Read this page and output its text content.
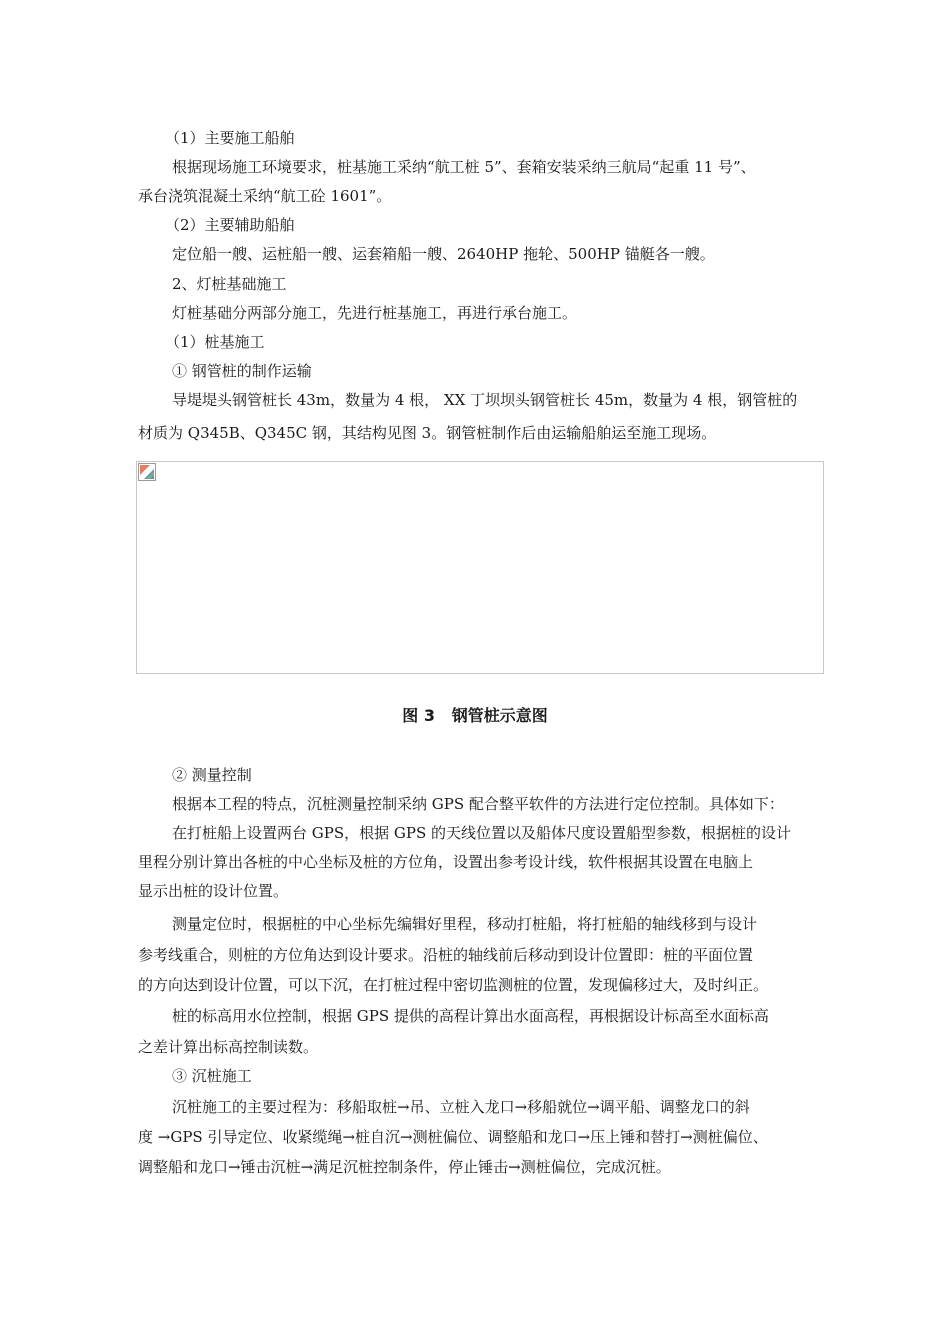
（1）主要施工船舶
根据现场施工环境要求，桩基施工采纳“航工桩 5”、套箱安装采纳三航局“起重 11 号”、
承台浇筑混凝土采纳“航工砼 1601”。
（2）主要辅助船舶
定位船一艘、运桩船一艘、运套箱船一艘、2640HP 拖轮、500HP 锚艇各一艘。
2、灯桩基础施工
灯桩基础分两部分施工，先进行桩基施工，再进行承台施工。
（1）桩基施工
① 钢管桩的制作运输
导堤堤头钢管桩长 43m，数量为 4 根， XX 丁坝坝头钢管桩长 45m，数量为 4 根，钢管桩的
材质为 Q345B、Q345C 钢，其结构见图 3。钢管桩制作后由运输船舶运至施工现场。
图 3   钢管桩示意图
② 测量控制
根据本工程的特点，沉桩测量控制采纳 GPS 配合整平软件的方法进行定位控制。具体如下：
在打桩船上设置两台 GPS，根据 GPS 的天线位置以及船体尺度设置船型参数，根据桩的设计
里程分别计算出各桩的中心坐标及桩的方位角，设置出参考设计线，软件根据其设置在电脑上
显示出桩的设计位置。
测量定位时，根据桩的中心坐标先编辑好里程，移动打桩船，将打桩船的轴线移到与设计
参考线重合，则桩的方位角达到设计要求。沿桩的轴线前后移动到设计位置即：桩的平面位置
的方向达到设计位置，可以下沉，在打桩过程中密切监测桩的位置，发现偏移过大，及时纠正。
桩的标高用水位控制，根据 GPS 提供的高程计算出水面高程，再根据设计标高至水面标高
之差计算出标高控制读数。
③ 沉桩施工
沉桩施工的主要过程为：移船取桩→吊、立桩入龙口→移船就位→调平船、调整龙口的斜
度 →GPS 引导定位、收紧缆绳→桩自沉→测桩偏位、调整船和龙口→压上锤和替打→测桩偏位、
调整船和龙口→锤击沉桩→满足沉桩控制条件，停止锤击→测桩偏位，完成沉桩。
